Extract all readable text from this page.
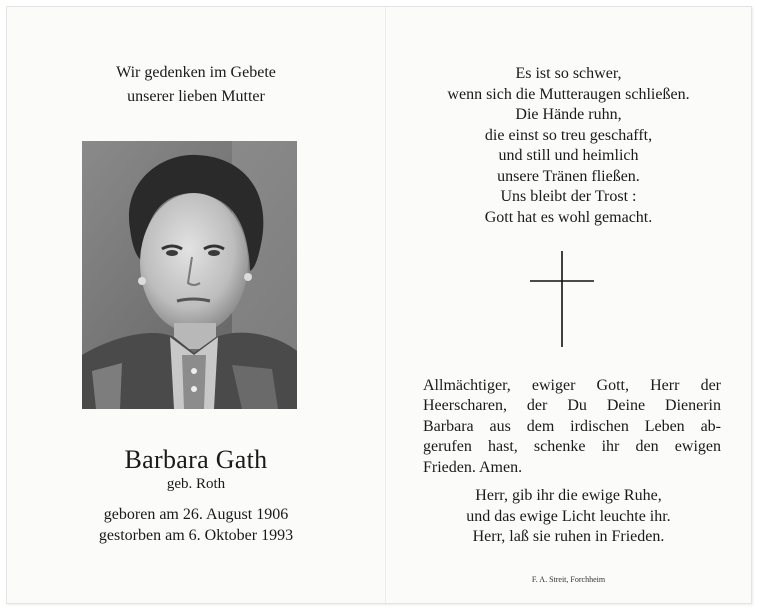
Wir gedenken im Gebete
unserer lieben Mutter
Barbara Gath
geb. Roth
geboren am 26. August 1906
gestorben am 6. Oktober 1993
Es ist so schwer,
wenn sich die Mutteraugen schließen.
Die Hände ruhn,
die einst so treu geschafft,
und still und heimlich
unsere Tränen fließen.
Uns bleibt der Trost :
Gott hat es wohl gemacht.
Allmächtiger, ewiger Gott, Herr der
Heerscharen, der Du Deine Dienerin
Barbara aus dem irdischen Leben ab-
gerufen hast, schenke ihr den ewigen
Frieden. Amen.
Herr, gib ihr die ewige Ruhe,
und das ewige Licht leuchte ihr.
Herr, laß sie ruhen in Frieden.
F. A. Streit, Forchheim
